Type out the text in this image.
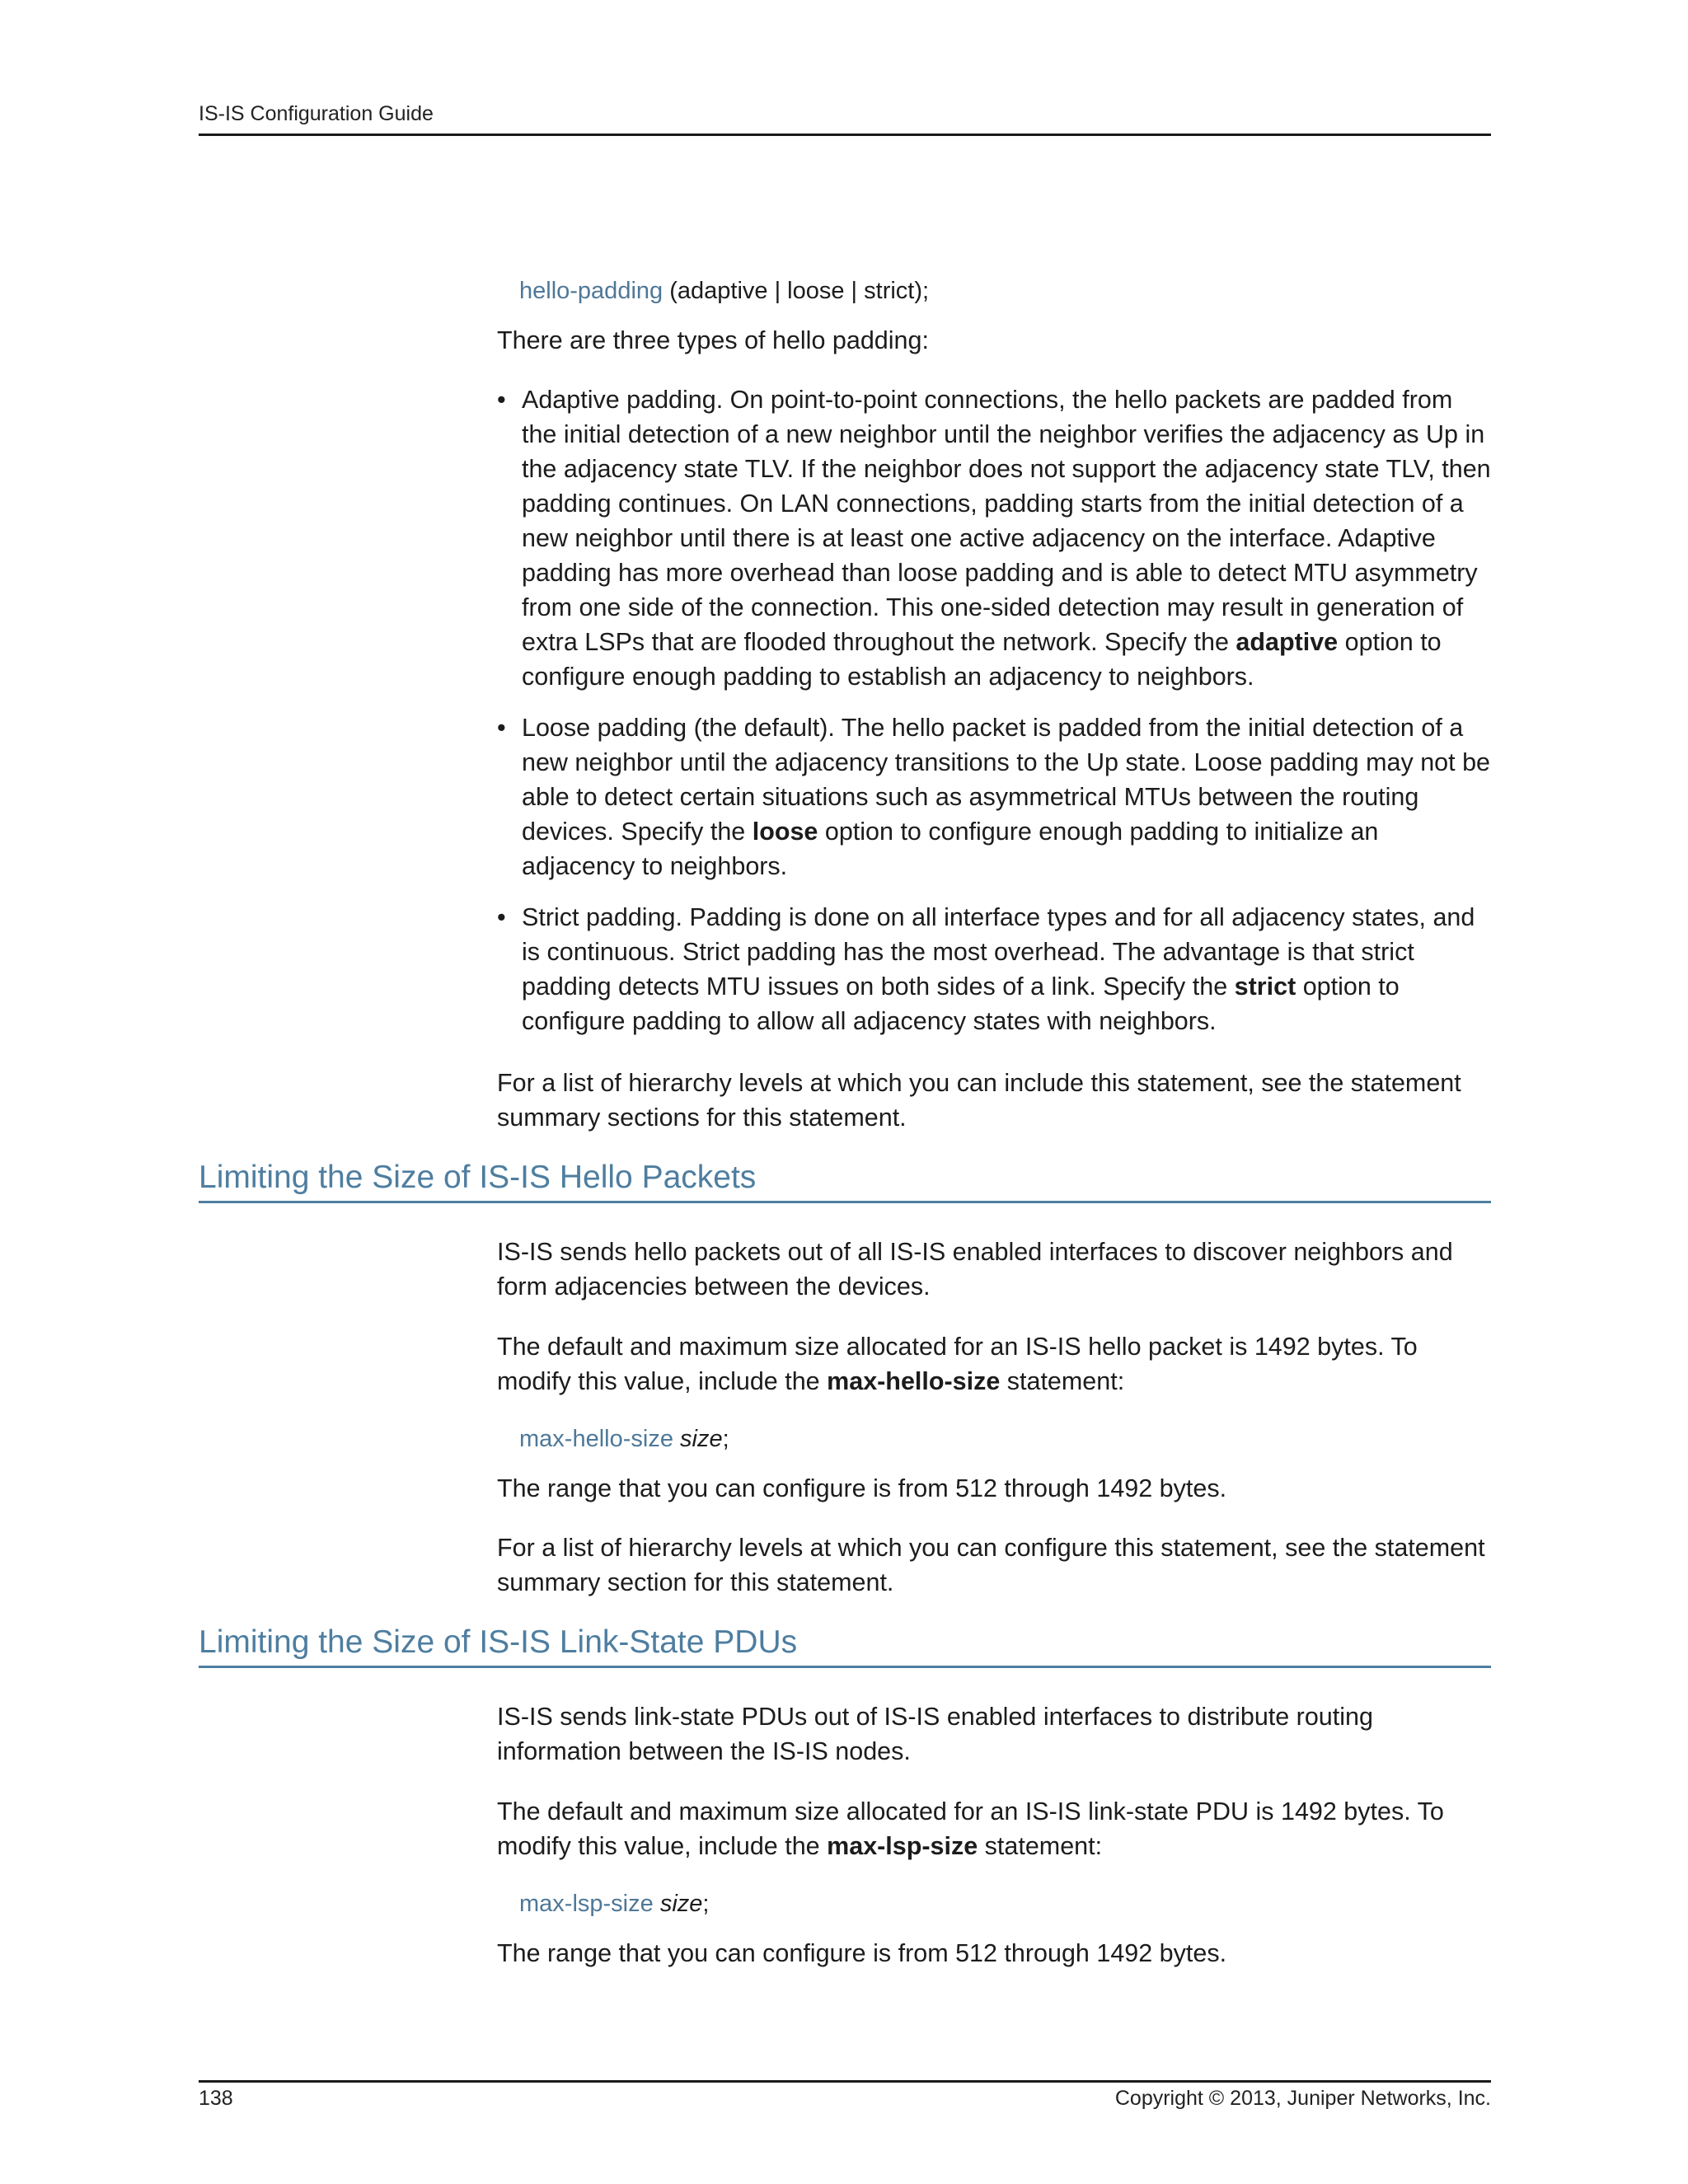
IS-IS Configuration Guide
hello-padding (adaptive | loose | strict);

There are three types of hello padding:

• Adaptive padding. On point-to-point connections, the hello packets are padded from the initial detection of a new neighbor until the neighbor verifies the adjacency as Up in the adjacency state TLV. If the neighbor does not support the adjacency state TLV, then padding continues. On LAN connections, padding starts from the initial detection of a new neighbor until there is at least one active adjacency on the interface. Adaptive padding has more overhead than loose padding and is able to detect MTU asymmetry from one side of the connection. This one-sided detection may result in generation of extra LSPs that are flooded throughout the network. Specify the adaptive option to configure enough padding to establish an adjacency to neighbors.
• Loose padding (the default). The hello packet is padded from the initial detection of a new neighbor until the adjacency transitions to the Up state. Loose padding may not be able to detect certain situations such as asymmetrical MTUs between the routing devices. Specify the loose option to configure enough padding to initialize an adjacency to neighbors.
• Strict padding. Padding is done on all interface types and for all adjacency states, and is continuous. Strict padding has the most overhead. The advantage is that strict padding detects MTU issues on both sides of a link. Specify the strict option to configure padding to allow all adjacency states with neighbors.

For a list of hierarchy levels at which you can include this statement, see the statement summary sections for this statement.

Limiting the Size of IS-IS Hello Packets

IS-IS sends hello packets out of all IS-IS enabled interfaces to discover neighbors and form adjacencies between the devices.

The default and maximum size allocated for an IS-IS hello packet is 1492 bytes. To modify this value, include the max-hello-size statement:

max-hello-size size;

The range that you can configure is from 512 through 1492 bytes.

For a list of hierarchy levels at which you can configure this statement, see the statement summary section for this statement.

Limiting the Size of IS-IS Link-State PDUs

IS-IS sends link-state PDUs out of IS-IS enabled interfaces to distribute routing information between the IS-IS nodes.

The default and maximum size allocated for an IS-IS link-state PDU is 1492 bytes. To modify this value, include the max-lsp-size statement:

max-lsp-size size;

The range that you can configure is from 512 through 1492 bytes.

138	Copyright © 2013, Juniper Networks, Inc.
